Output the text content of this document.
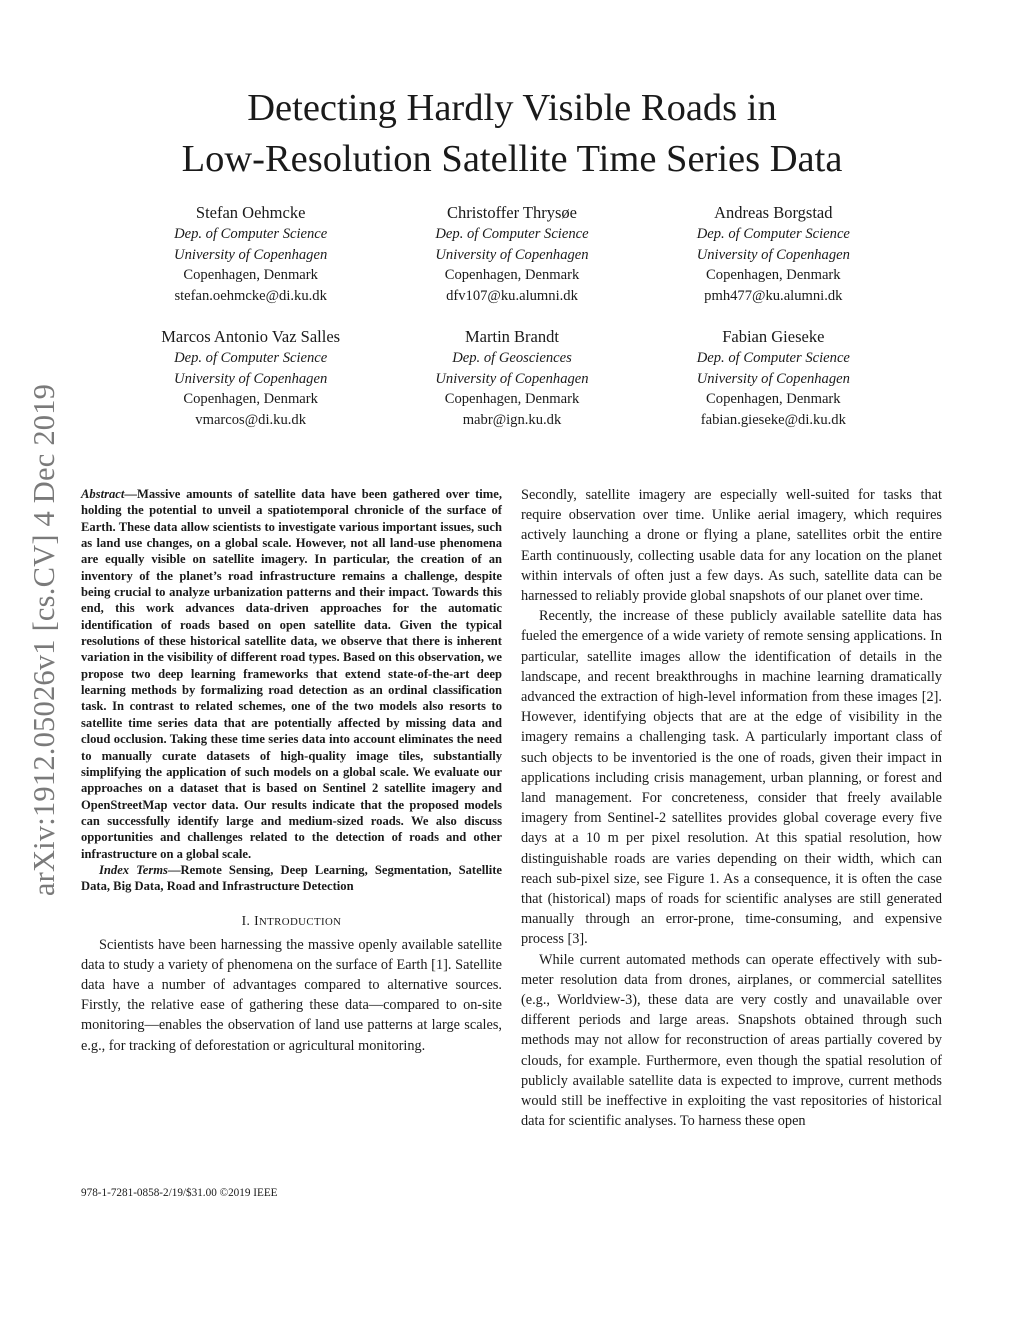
arXiv:1912.05026v1 [cs.CV] 4 Dec 2019
Detecting Hardly Visible Roads in
Low-Resolution Satellite Time Series Data
Stefan Oehmcke
Dep. of Computer Science
University of Copenhagen
Copenhagen, Denmark
stefan.oehmcke@di.ku.dk
Christoffer Thrysøe
Dep. of Computer Science
University of Copenhagen
Copenhagen, Denmark
dfv107@ku.alumni.dk
Andreas Borgstad
Dep. of Computer Science
University of Copenhagen
Copenhagen, Denmark
pmh477@ku.alumni.dk
Marcos Antonio Vaz Salles
Dep. of Computer Science
University of Copenhagen
Copenhagen, Denmark
vmarcos@di.ku.dk
Martin Brandt
Dep. of Geosciences
University of Copenhagen
Copenhagen, Denmark
mabr@ign.ku.dk
Fabian Gieseke
Dep. of Computer Science
University of Copenhagen
Copenhagen, Denmark
fabian.gieseke@di.ku.dk

Abstract—Massive amounts of satellite data have been gathered over time, holding the potential to unveil a spatiotemporal chronicle of the surface of Earth. These data allow scientists to investigate various important issues, such as land use changes, on a global scale. However, not all land-use phenomena are equally visible on satellite imagery. In particular, the creation of an inventory of the planet’s road infrastructure remains a challenge, despite being crucial to analyze urbanization patterns and their impact. Towards this end, this work advances data-driven approaches for the automatic identification of roads based on open satellite data. Given the typical resolutions of these historical satellite data, we observe that there is inherent variation in the visibility of different road types. Based on this observation, we propose two deep learning frameworks that extend state-of-the-art deep learning methods by formalizing road detection as an ordinal classification task. In contrast to related schemes, one of the two models also resorts to satellite time series data that are potentially affected by missing data and cloud occlusion. Taking these time series data into account eliminates the need to manually curate datasets of high-quality image tiles, substantially simplifying the application of such models on a global scale. We evaluate our approaches on a dataset that is based on Sentinel 2 satellite imagery and OpenStreetMap vector data. Our results indicate that the proposed models can successfully identify large and medium-sized roads. We also discuss opportunities and challenges related to the detection of roads and other infrastructure on a global scale.

Index Terms—Remote Sensing, Deep Learning, Segmentation, Satellite Data, Big Data, Road and Infrastructure Detection

I. INTRODUCTION

Scientists have been harnessing the massive openly available satellite data to study a variety of phenomena on the surface of Earth [1]. Satellite data have a number of advantages compared to alternative sources. Firstly, the relative ease of gathering these data—compared to on-site monitoring—enables the observation of land use patterns at large scales, e.g., for tracking of deforestation or agricultural monitoring.

Secondly, satellite imagery are especially well-suited for tasks that require observation over time. Unlike aerial imagery, which requires actively launching a drone or flying a plane, satellites orbit the entire Earth continuously, collecting usable data for any location on the planet within intervals of often just a few days. As such, satellite data can be harnessed to reliably provide global snapshots of our planet over time.

Recently, the increase of these publicly available satellite data has fueled the emergence of a wide variety of remote sensing applications. In particular, satellite images allow the identification of details in the landscape, and recent breakthroughs in machine learning dramatically advanced the extraction of high-level information from these images [2]. However, identifying objects that are at the edge of visibility in the imagery remains a challenging task. A particularly important class of such objects to be inventoried is the one of roads, given their impact in applications including crisis management, urban planning, or forest and land management. For concreteness, consider that freely available imagery from Sentinel-2 satellites provides global coverage every five days at a 10 m per pixel resolution. At this spatial resolution, how distinguishable roads are varies depending on their width, which can reach sub-pixel size, see Figure 1. As a consequence, it is often the case that (historical) maps of roads for scientific analyses are still generated manually through an error-prone, time-consuming, and expensive process [3].

While current automated methods can operate effectively with sub-meter resolution data from drones, airplanes, or commercial satellites (e.g., Worldview-3), these data are very costly and unavailable over different periods and large areas. Snapshots obtained through such methods may not allow for reconstruction of areas partially covered by clouds, for example. Furthermore, even though the spatial resolution of publicly available satellite data is expected to improve, current methods would still be ineffective in exploiting the vast repositories of historical data for scientific analyses. To harness these open

978-1-7281-0858-2/19/$31.00 ©2019 IEEE
